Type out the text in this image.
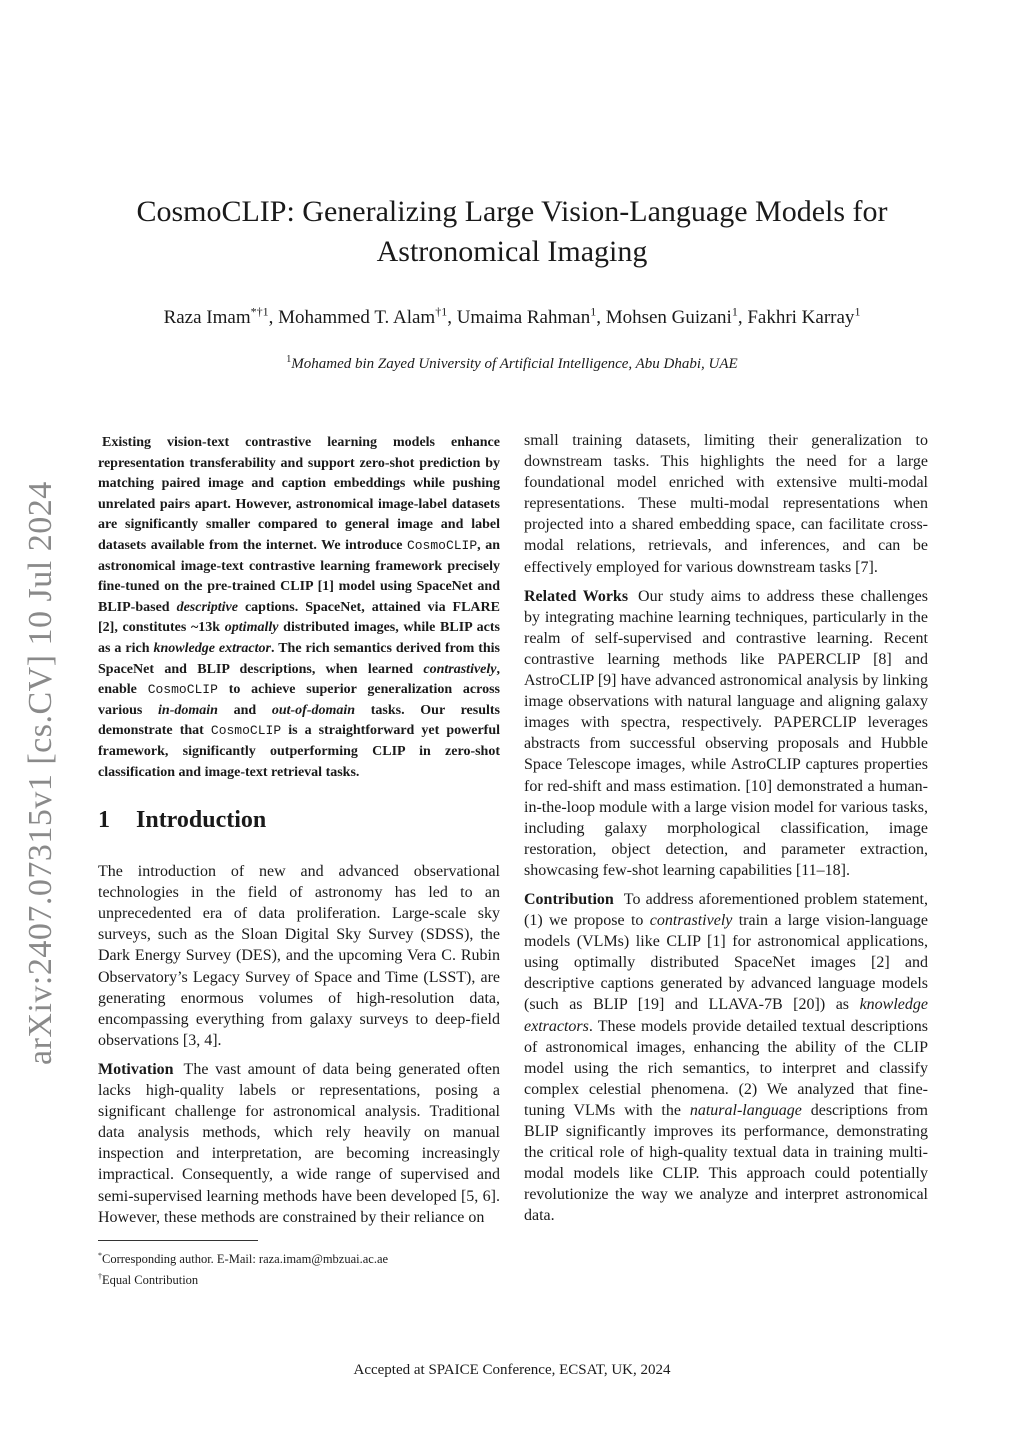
arXiv:2407.07315v1 [cs.CV] 10 Jul 2024
CosmoCLIP: Generalizing Large Vision-Language Models for
Astronomical Imaging
Raza Imam$^{*\dagger 1}$, Mohammed T. Alam$^{\dagger 1}$, Umaima Rahman$^1$, Mohsen Guizani$^1$, Fakhri Karray$^1$
$^1$Mohamed bin Zayed University of Artificial Intelligence, Abu Dhabi, UAE

Existing vision-text contrastive learning models enhance representation transferability and support zero-shot prediction by matching paired image and caption embeddings while pushing unrelated pairs apart. However, astronomical image-label datasets are significantly smaller compared to general image and label datasets available from the internet. We introduce CosmoCLIP, an astronomical image-text contrastive learning framework precisely fine-tuned on the pre-trained CLIP [1] model using SpaceNet and BLIP-based descriptive captions. SpaceNet, attained via FLARE [2], constitutes ~13k optimally distributed images, while BLIP acts as a rich knowledge extractor. The rich semantics derived from this SpaceNet and BLIP descriptions, when learned contrastively, enable CosmoCLIP to achieve superior generalization across various in-domain and out-of-domain tasks. Our results demonstrate that CosmoCLIP is a straightforward yet powerful framework, significantly outperforming CLIP in zero-shot classification and image-text retrieval tasks.

1 Introduction

The introduction of new and advanced observational technologies in the field of astronomy has led to an unprecedented era of data proliferation. Large-scale sky surveys, such as the Sloan Digital Sky Survey (SDSS), the Dark Energy Survey (DES), and the upcoming Vera C. Rubin Observatory’s Legacy Survey of Space and Time (LSST), are generating enormous volumes of high-resolution data, encompassing everything from galaxy surveys to deep-field observations [3, 4].

Motivation The vast amount of data being generated often lacks high-quality labels or representations, posing a significant challenge for astronomical analysis. Traditional data analysis methods, which rely heavily on manual inspection and interpretation, are becoming increasingly impractical. Consequently, a wide range of supervised and semi-supervised learning methods have been developed [5, 6]. However, these methods are constrained by their reliance on

*Corresponding author. E-Mail: raza.imam@mbzuai.ac.ae

†Equal Contribution

small training datasets, limiting their generalization to downstream tasks. This highlights the need for a large foundational model enriched with extensive multi-modal representations. These multi-modal representations when projected into a shared embedding space, can facilitate cross-modal relations, retrievals, and inferences, and can be effectively employed for various downstream tasks [7].

Related Works Our study aims to address these challenges by integrating machine learning techniques, particularly in the realm of self-supervised and contrastive learning. Recent contrastive learning methods like PAPERCLIP [8] and AstroCLIP [9] have advanced astronomical analysis by linking image observations with natural language and aligning galaxy images with spectra, respectively. PAPERCLIP leverages abstracts from successful observing proposals and Hubble Space Telescope images, while AstroCLIP captures properties for red-shift and mass estimation. [10] demonstrated a human-in-the-loop module with a large vision model for various tasks, including galaxy morphological classification, image restoration, object detection, and parameter extraction, showcasing few-shot learning capabilities [11–18].

Contribution To address aforementioned problem statement, (1) we propose to contrastively train a large vision-language models (VLMs) like CLIP [1] for astronomical applications, using optimally distributed SpaceNet images [2] and descriptive captions generated by advanced language models (such as BLIP [19] and LLAVA-7B [20]) as knowledge extractors. These models provide detailed textual descriptions of astronomical images, enhancing the ability of the CLIP model using the rich semantics, to interpret and classify complex celestial phenomena. (2) We analyzed that fine-tuning VLMs with the natural-language descriptions from BLIP significantly improves its performance, demonstrating the critical role of high-quality textual data in training multi-modal models like CLIP. This approach could potentially revolutionize the way we analyze and interpret astronomical data.

Accepted at SPAICE Conference, ECSAT, UK, 2024
